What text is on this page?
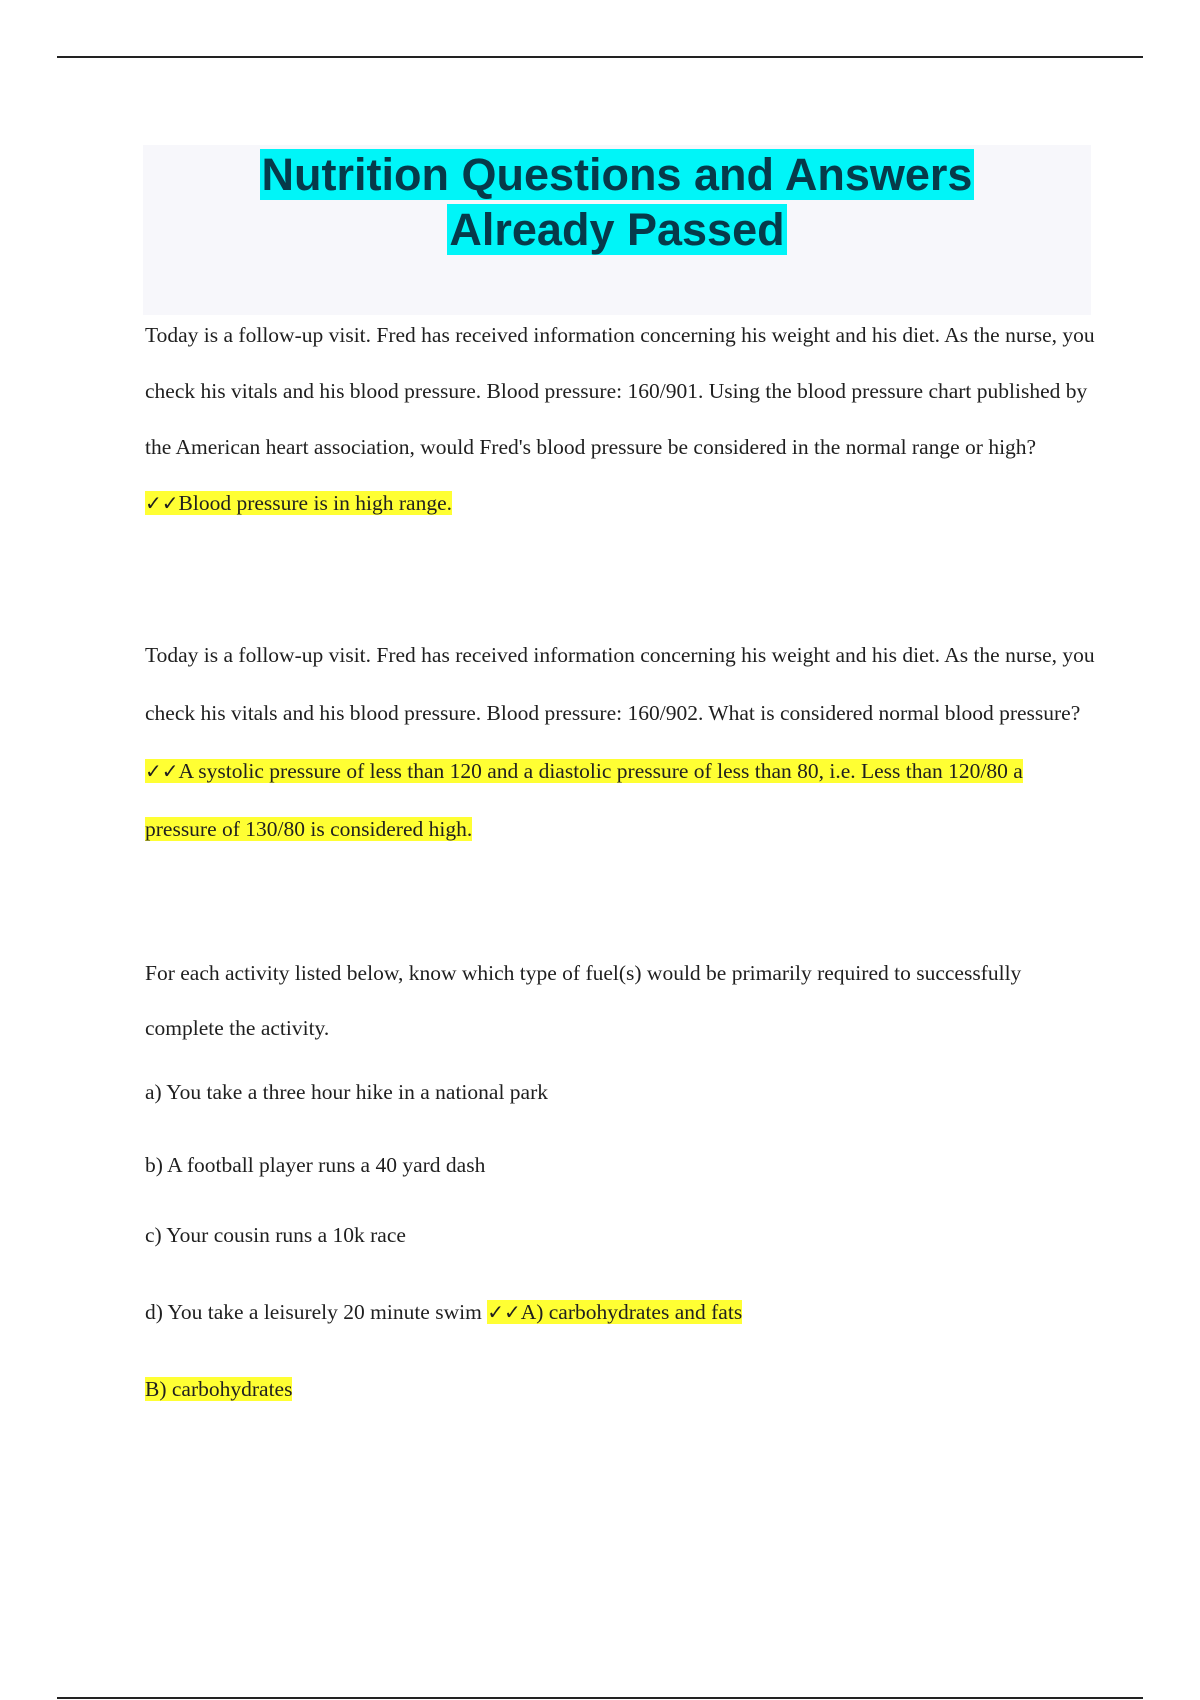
Nutrition Questions and Answers
Already Passed

Today is a follow-up visit. Fred has received information concerning his weight and his diet. As the nurse, you check his vitals and his blood pressure. Blood pressure: 160/901. Using the blood pressure chart published by the American heart association, would Fred's blood pressure be considered in the normal range or high? ✓✓Blood pressure is in high range.

Today is a follow-up visit. Fred has received information concerning his weight and his diet. As the nurse, you check his vitals and his blood pressure. Blood pressure: 160/902. What is considered normal blood pressure? ✓✓A systolic pressure of less than 120 and a diastolic pressure of less than 80, i.e. Less than 120/80 a pressure of 130/80 is considered high.

For each activity listed below, know which type of fuel(s) would be primarily required to successfully complete the activity.

a) You take a three hour hike in a national park

b) A football player runs a 40 yard dash

c) Your cousin runs a 10k race

d) You take a leisurely 20 minute swim ✓✓A) carbohydrates and fats

B) carbohydrates
